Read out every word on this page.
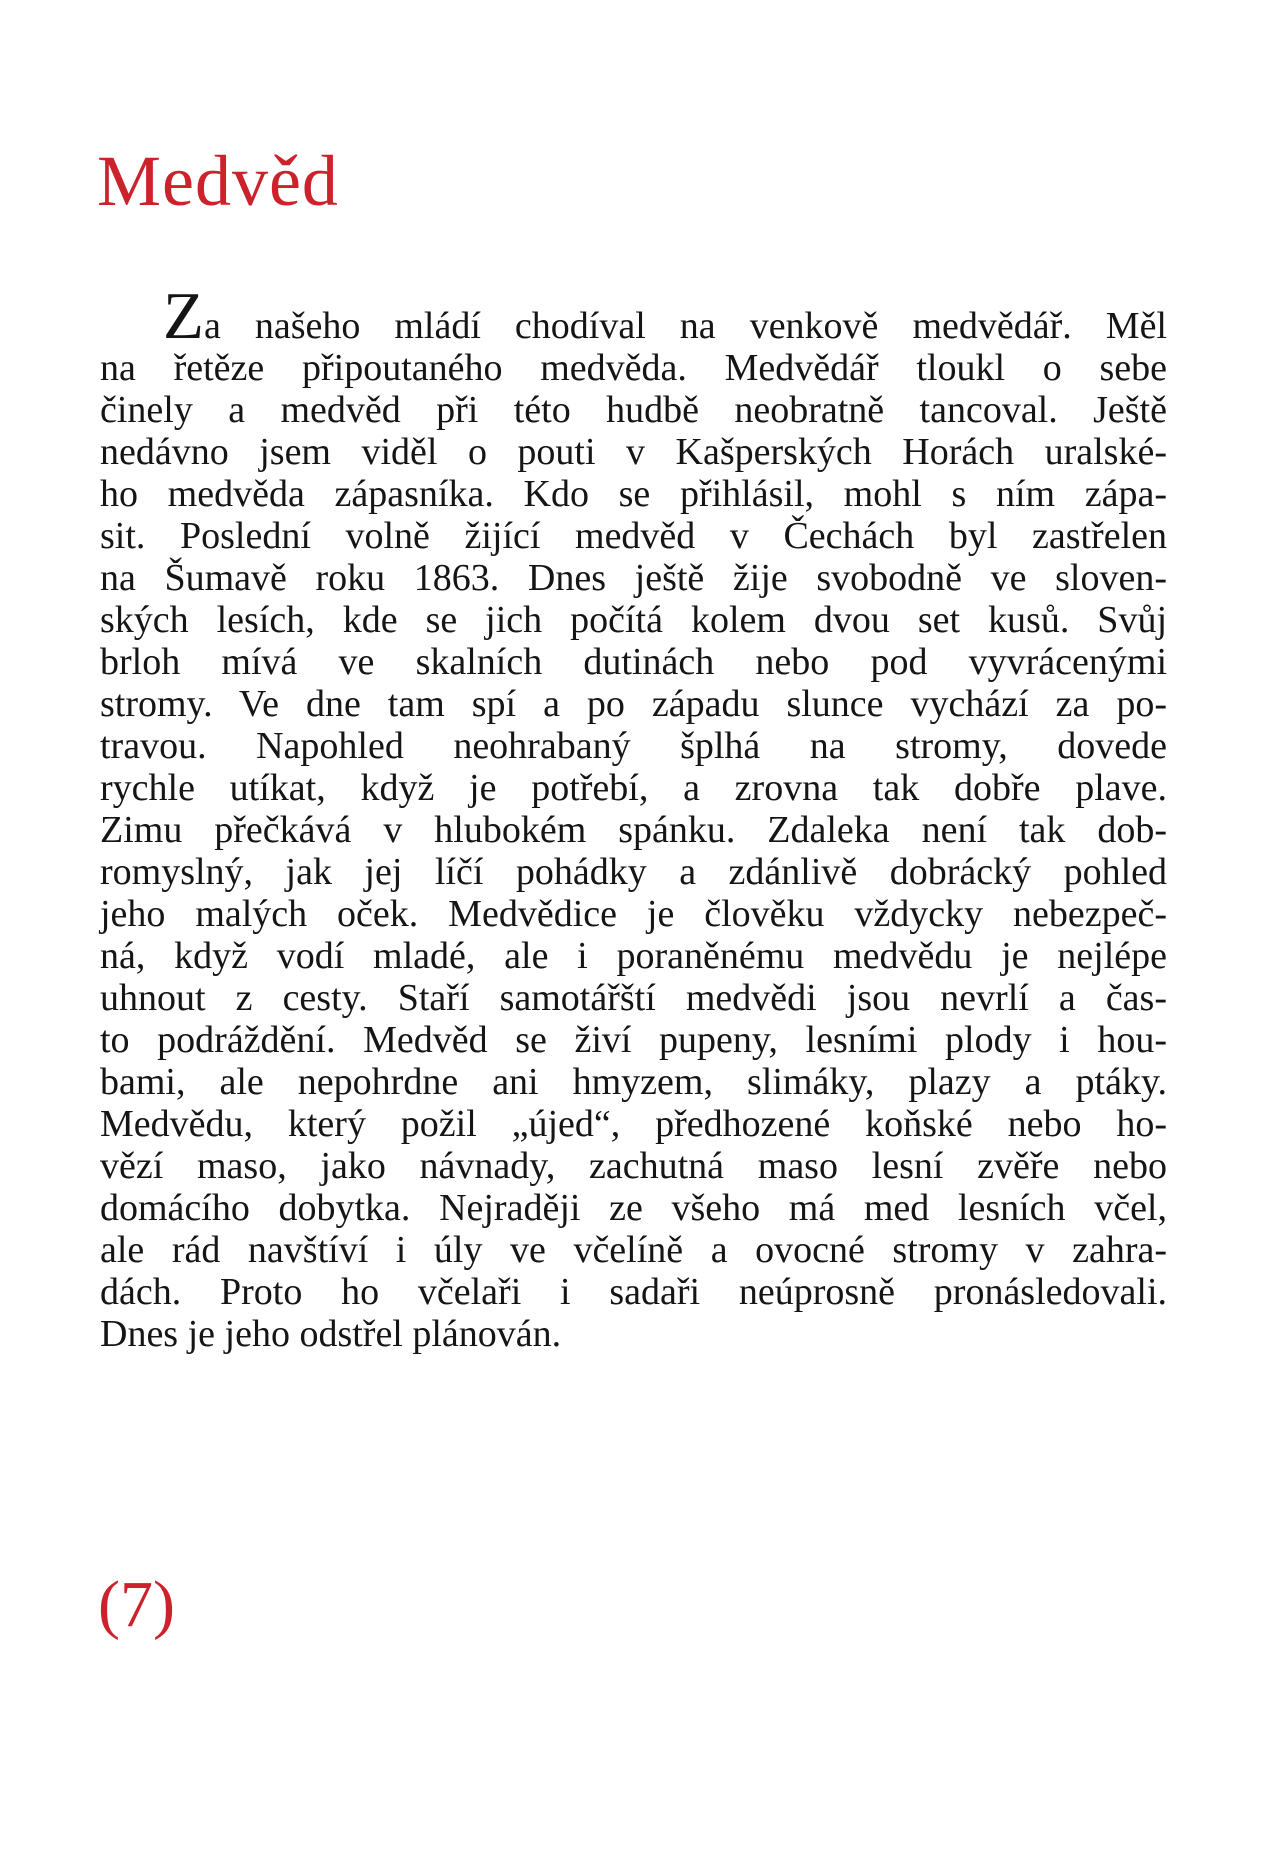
Medvěd
Za našeho mládí chodíval na venkově medvědář. Měl
na řetěze připoutaného medvěda. Medvědář tloukl o sebe
činely a medvěd při této hudbě neobratně tancoval. Ještě
nedávno jsem viděl o pouti v Kašperských Horách uralské-
ho medvěda zápasníka. Kdo se přihlásil, mohl s ním zápa-
sit. Poslední volně žijící medvěd v Čechách byl zastřelen
na Šumavě roku 1863. Dnes ještě žije svobodně ve sloven-
ských lesích, kde se jich počítá kolem dvou set kusů. Svůj
brloh mívá ve skalních dutinách nebo pod vyvrácenými
stromy. Ve dne tam spí a po západu slunce vychází za po-
travou. Napohled neohrabaný šplhá na stromy, dovede
rychle utíkat, když je potřebí, a zrovna tak dobře plave.
Zimu přečkává v hlubokém spánku. Zdaleka není tak dob-
romyslný, jak jej líčí pohádky a zdánlivě dobrácký pohled
jeho malých oček. Medvědice je člověku vždycky nebezpeč-
ná, když vodí mladé, ale i poraněnému medvědu je nejlépe
uhnout z cesty. Staří samotářští medvědi jsou nevrlí a čas-
to podráždění. Medvěd se živí pupeny, lesními plody i hou-
bami, ale nepohrdne ani hmyzem, slimáky, plazy a ptáky.
Medvědu, který požil „újed“, předhozené koňské nebo ho-
vězí maso, jako návnady, zachutná maso lesní zvěře nebo
domácího dobytka. Nejraději ze všeho má med lesních včel,
ale rád navštíví i úly ve včelíně a ovocné stromy v zahra-
dách. Proto ho včelaři i sadaři neúprosně pronásledovali.
Dnes je jeho odstřel plánován.
(7)
